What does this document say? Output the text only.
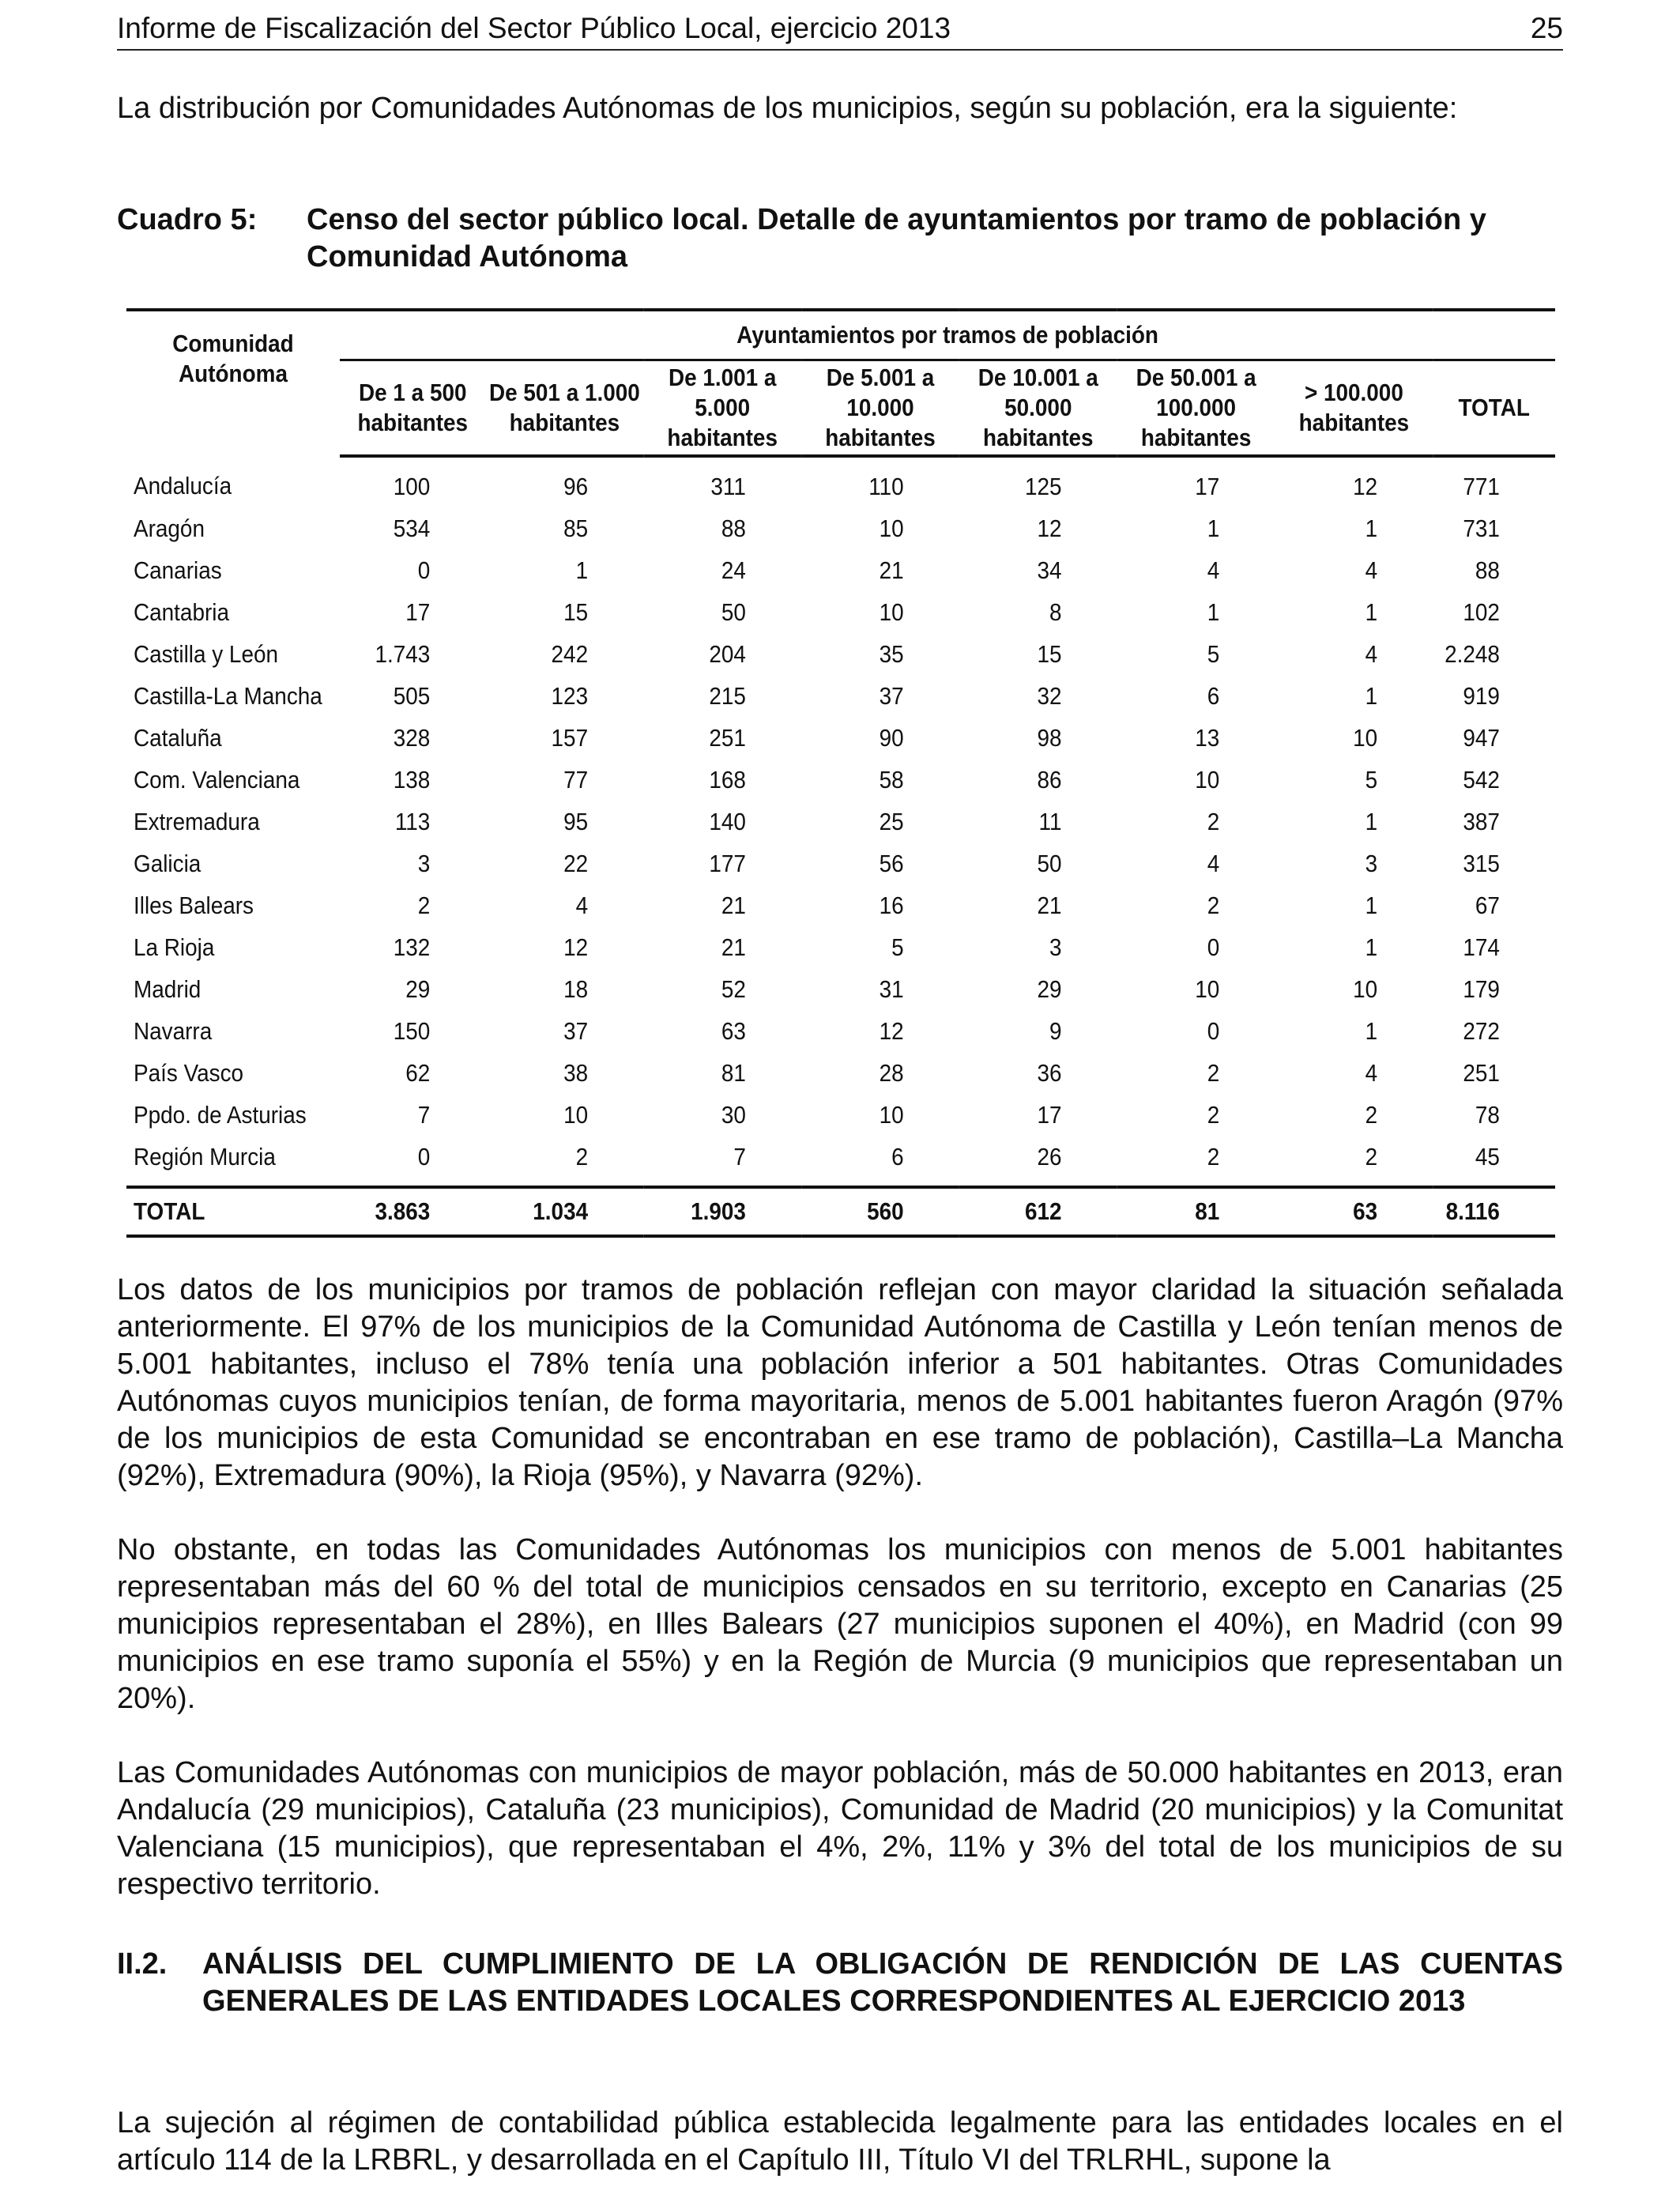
Informe de Fiscalización del Sector Público Local, ejercicio 2013	25

La distribución por Comunidades Autónomas de los municipios, según su población, era la siguiente:

Cuadro 5: Censo del sector público local. Detalle de ayuntamientos por tramo de población y Comunidad Autónoma
Comunidad Autónoma	Ayuntamientos por tramos de población							
	De 1 a 500 habitantes	De 501 a 1.000 habitantes	De 1.001 a 5.000 habitantes	De 5.001 a 10.000 habitantes	De 10.001 a 50.000 habitantes	De 50.001 a 100.000 habitantes	> 100.000 habitantes	TOTAL
Andalucía	100	96	311	110	125	17	12	771
Aragón	534	85	88	10	12	1	1	731
Canarias	0	1	24	21	34	4	4	88
Cantabria	17	15	50	10	8	1	1	102
Castilla y León	1.743	242	204	35	15	5	4	2.248
Castilla-La Mancha	505	123	215	37	32	6	1	919
Cataluña	328	157	251	90	98	13	10	947
Com. Valenciana	138	77	168	58	86	10	5	542
Extremadura	113	95	140	25	11	2	1	387
Galicia	3	22	177	56	50	4	3	315
Illes Balears	2	4	21	16	21	2	1	67
La Rioja	132	12	21	5	3	0	1	174
Madrid	29	18	52	31	29	10	10	179
Navarra	150	37	63	12	9	0	1	272
País Vasco	62	38	81	28	36	2	4	251
Ppdo. de Asturias	7	10	30	10	17	2	2	78
Región Murcia	0	2	7	6	26	2	2	45
TOTAL	3.863	1.034	1.903	560	612	81	63	8.116

Los datos de los municipios por tramos de población reflejan con mayor claridad la situación señalada anteriormente. El 97% de los municipios de la Comunidad Autónoma de Castilla y León tenían menos de 5.001 habitantes, incluso el 78% tenía una población inferior a 501 habitantes. Otras Comunidades Autónomas cuyos municipios tenían, de forma mayoritaria, menos de 5.001 habitantes fueron Aragón (97% de los municipios de esta Comunidad se encontraban en ese tramo de población), Castilla–La Mancha (92%), Extremadura (90%), la Rioja (95%), y Navarra (92%).

No obstante, en todas las Comunidades Autónomas los municipios con menos de 5.001 habitantes representaban más del 60 % del total de municipios censados en su territorio, excepto en Canarias (25 municipios representaban el 28%), en Illes Balears (27 municipios suponen el 40%), en Madrid (con 99 municipios en ese tramo suponía el 55%) y en la Región de Murcia (9 municipios que representaban un 20%).

Las Comunidades Autónomas con municipios de mayor población, más de 50.000 habitantes en 2013, eran Andalucía (29 municipios), Cataluña (23 municipios), Comunidad de Madrid (20 municipios) y la Comunitat Valenciana (15 municipios), que representaban el 4%, 2%, 11% y 3% del total de los municipios de su respectivo territorio.

II.2. ANÁLISIS DEL CUMPLIMIENTO DE LA OBLIGACIÓN DE RENDICIÓN DE LAS CUENTAS GENERALES DE LAS ENTIDADES LOCALES CORRESPONDIENTES AL EJERCICIO 2013

La sujeción al régimen de contabilidad pública establecida legalmente para las entidades locales en el artículo 114 de la LRBRL, y desarrollada en el Capítulo III, Título VI del TRLRHL, supone la
